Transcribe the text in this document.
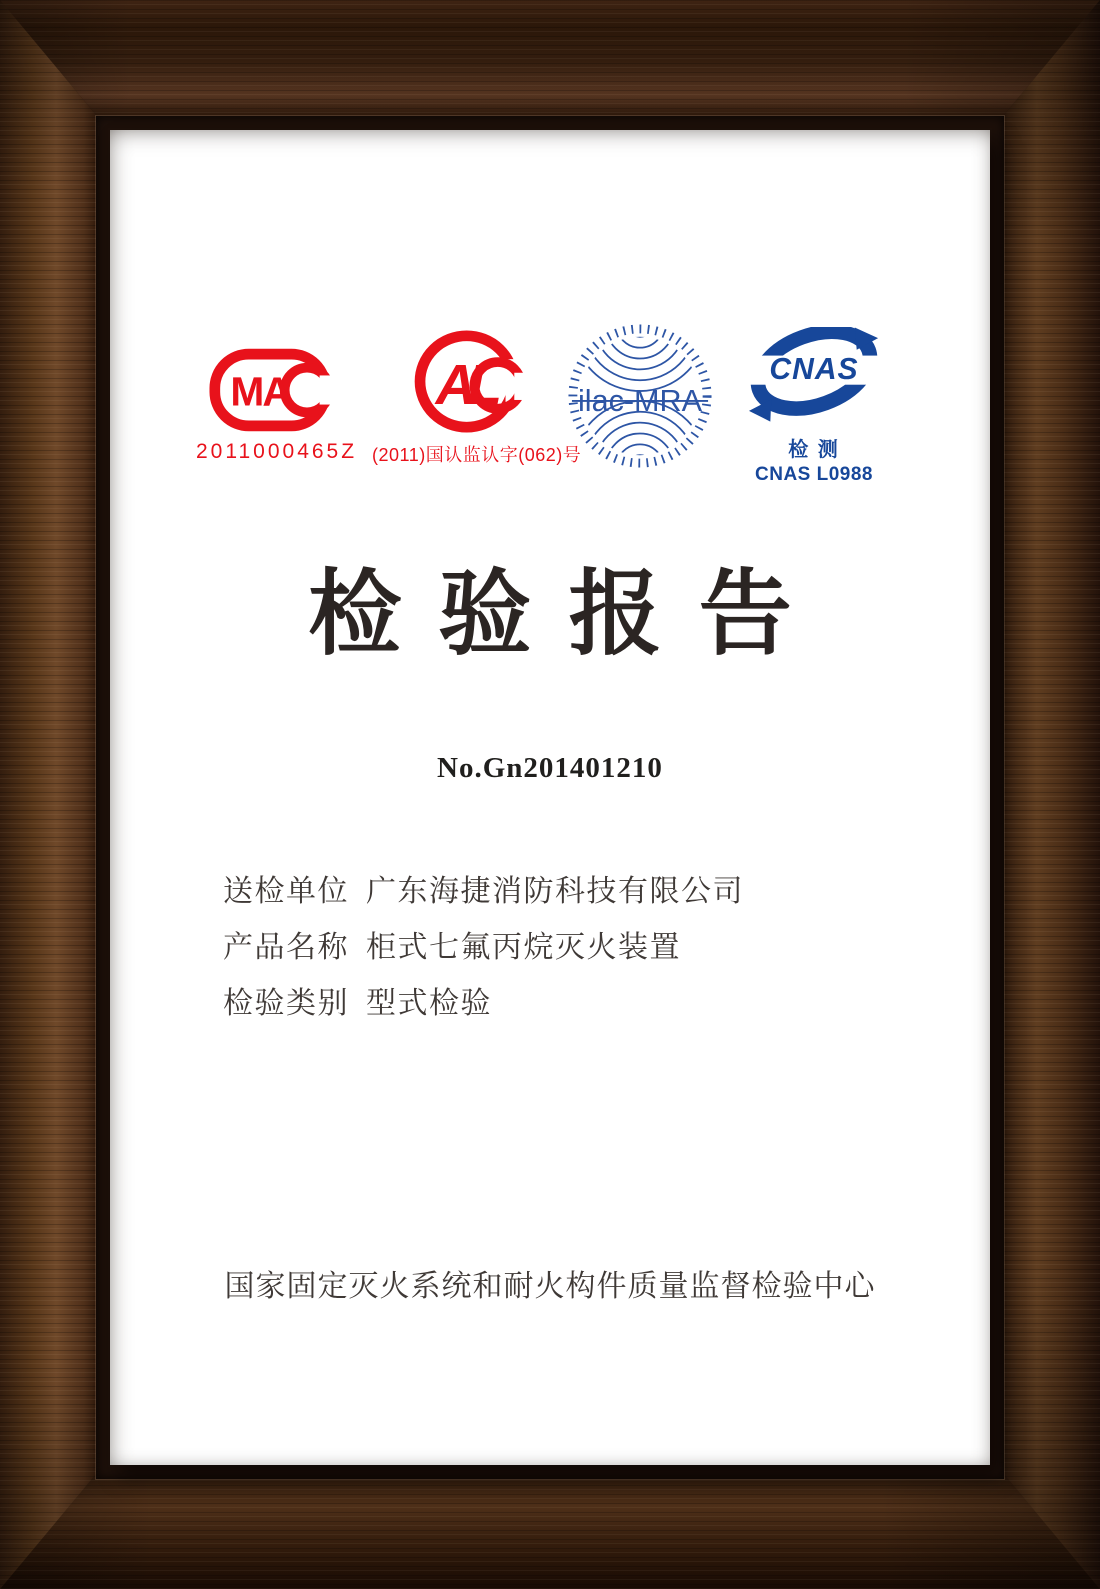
MA
2011000465Z
A
L
(2011)国认监认字(062)号
ilac-MRA
CNAS
检 测
CNAS L0988
检验报告
No.Gn201401210
送检单位 广东海捷消防科技有限公司
产品名称 柜式七氟丙烷灭火装置
检验类别 型式检验
国家固定灭火系统和耐火构件质量监督检验中心
